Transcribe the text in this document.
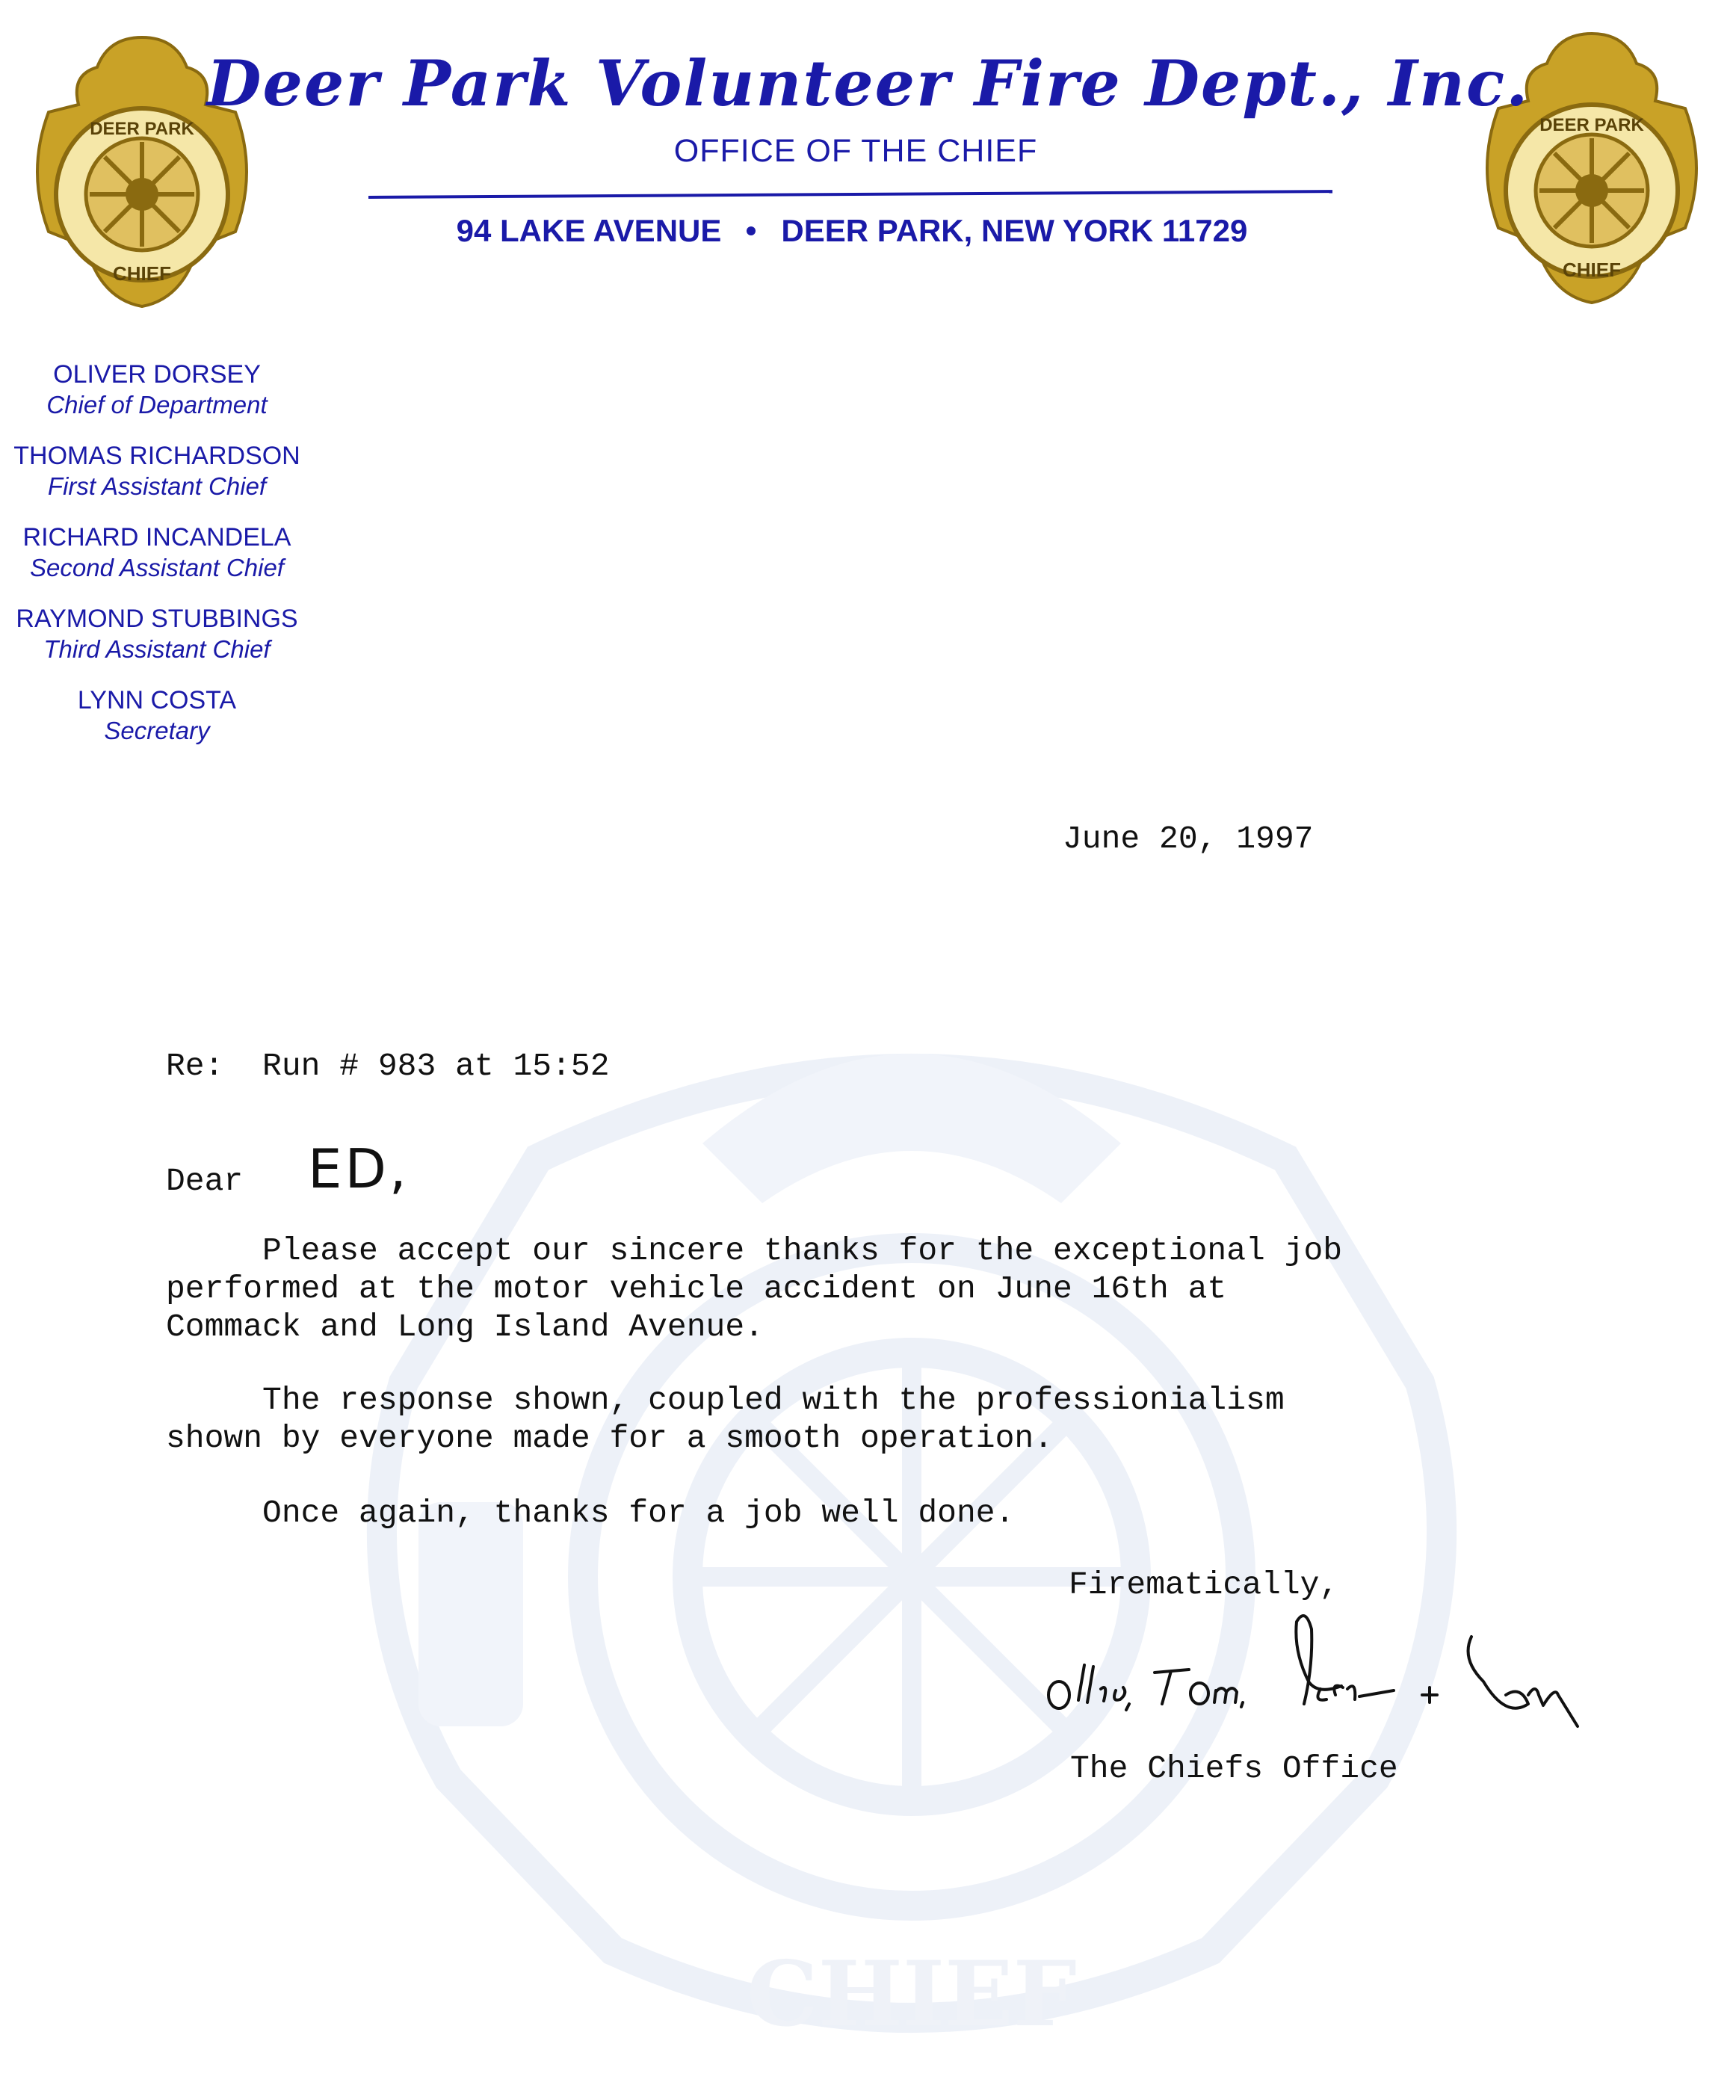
CHIEF
DEER PARK
CHIEF
DEER PARK
CHIEF
Deer Park Volunteer Fire Dept., Inc.
OFFICE OF THE CHIEF
94 LAKE AVENUE DEER PARK, NEW YORK 11729
OLIVER DORSEY
Chief of Department
THOMAS RICHARDSON
First Assistant Chief
RICHARD INCANDELA
Second Assistant Chief
RAYMOND STUBBINGS
Third Assistant Chief
LYNN COSTA
Secretary
June 20, 1997
Re:  Run # 983 at 15:52
Dear ED,
Please accept our sincere thanks for the exceptional job
performed at the motor vehicle accident on June 16th at
Commack and Long Island Avenue.
The response shown, coupled with the professionialism
shown by everyone made for a smooth operation.
Once again, thanks for a job well done.
Firematically,
The Chiefs Office
